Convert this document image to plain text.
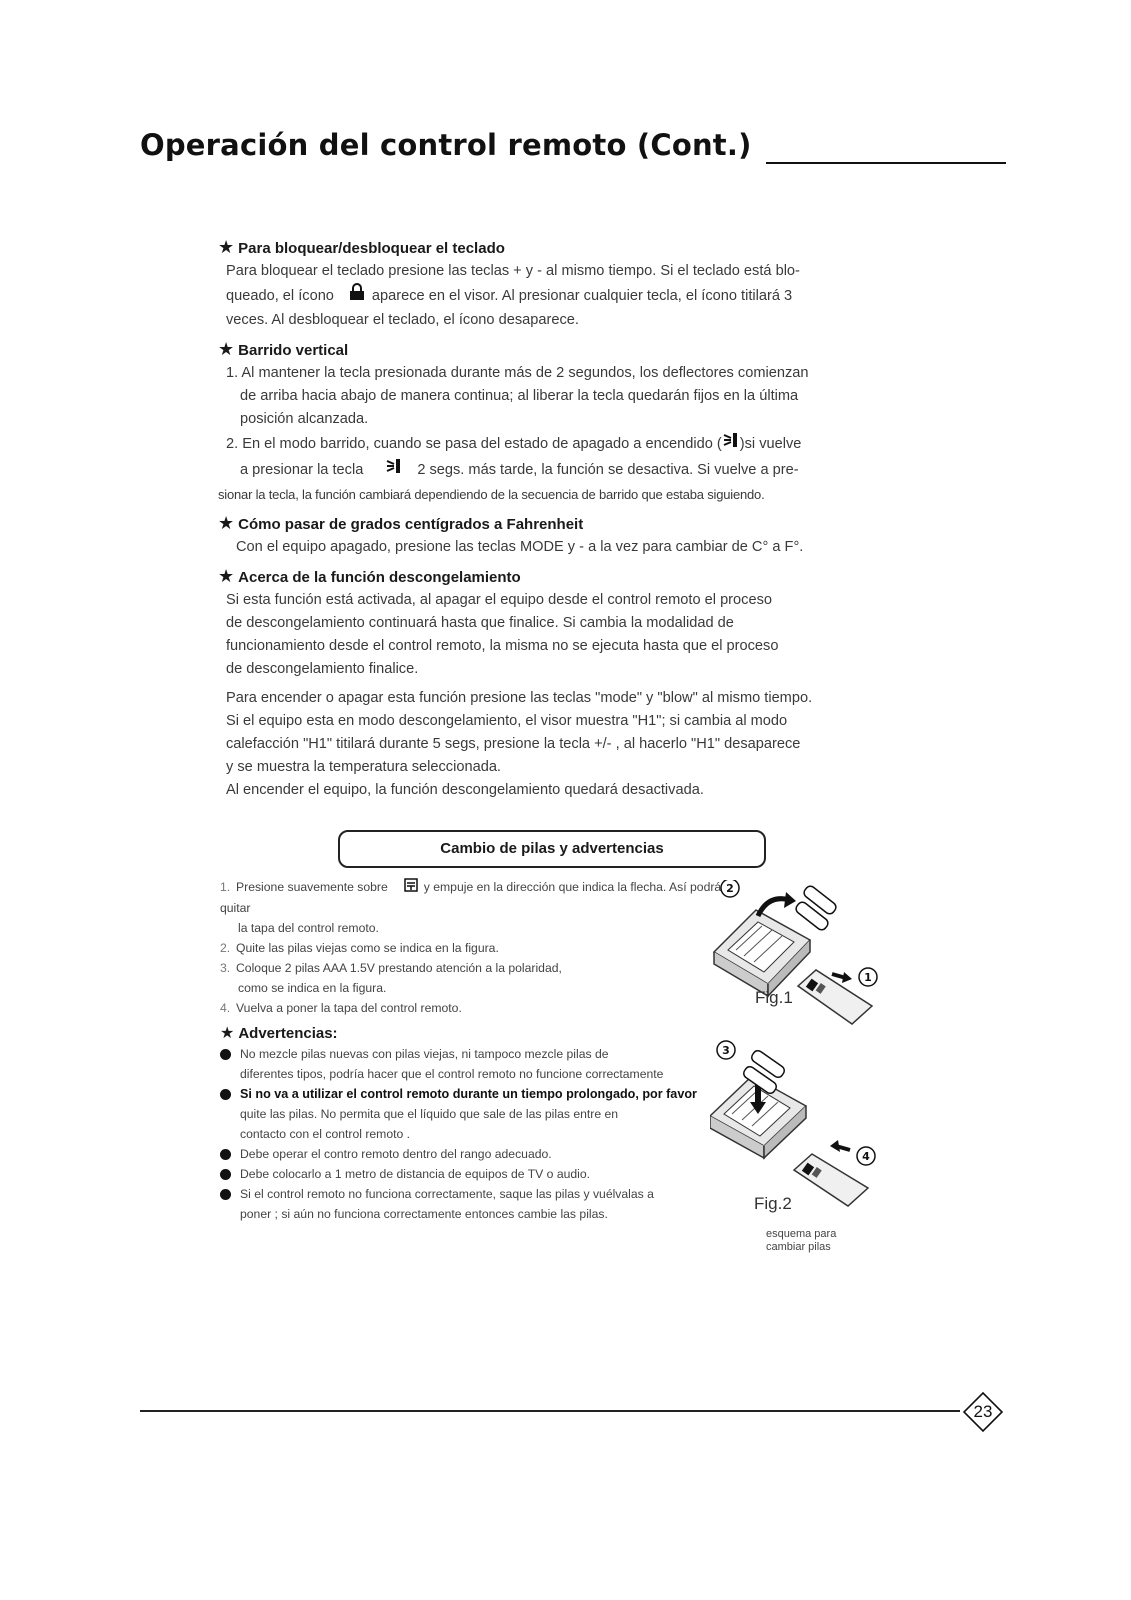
Operación del control remoto (Cont.)

★ Para bloquear/desbloquear el teclado

Para bloquear el teclado presione las teclas + y - al mismo tiempo. Si el teclado está blo-

queado, el ícono	aparece en el visor. Al presionar cualquier tecla, el ícono titilará 3

veces. Al desbloquear el teclado, el ícono desaparece.

★ Barrido vertical

1. Al mantener la tecla presionada durante más de 2 segundos, los deflectores comienzan

de arriba hacia abajo de manera continua; al liberar la tecla quedarán fijos en la última

posición alcanzada.

2. En el modo barrido, cuando se pasa del estado de apagado a encendido ( )si vuelve

a presionar la tecla	2 segs. más tarde, la función se desactiva. Si vuelve a pre-

sionar la tecla, la función cambiará dependiendo de la secuencia de barrido que estaba siguiendo.

★ Cómo pasar de grados centígrados a Fahrenheit

Con el equipo apagado, presione las teclas MODE y - a la vez para cambiar de C° a F°.

★ Acerca de la función descongelamiento

Si esta función está activada, al apagar el equipo desde el control remoto el proceso

de descongelamiento continuará hasta que finalice. Si cambia la modalidad de

funcionamiento desde el control remoto, la misma no se ejecuta hasta que el proceso

de descongelamiento finalice.

Para encender o apagar esta función presione las teclas "mode" y "blow" al mismo tiempo.

Si el equipo esta en modo descongelamiento, el visor muestra "H1"; si cambia al modo

calefacción "H1" titilará durante 5 segs, presione la tecla +/- , al hacerlo "H1" desaparece

y se muestra la temperatura seleccionada.

Al encender el equipo, la función descongelamiento quedará desactivada.

Cambio de pilas y advertencias
1. Presione suavemente sobre	y empuje en la dirección que indica la flecha. Así podrá quitar
la tapa del control remoto.
2. Quite las pilas viejas como se indica en la figura.
3. Coloque 2 pilas AAA 1.5V prestando atención a la polaridad,
como se indica en la figura.
4. Vuelva a poner la tapa del control remoto.
★ Advertencias:
No mezcle pilas nuevas con pilas viejas, ni tampoco mezcle pilas de
diferentes tipos, podría hacer que el control remoto no funcione correctamente
Si no va a utilizar el control remoto durante un tiempo prolongado, por favor
quite las pilas. No permita que el líquido que sale de las pilas entre en
contacto con el control remoto .
Debe operar el contro remoto dentro del rango adecuado.
Debe colocarlo a 1 metro de distancia de equipos de TV o audio.
Si el control remoto no funciona correctamente, saque las pilas y vuélvalas a
poner ; si aún no funciona correctamente entonces cambie las pilas.
2
1
3
4
Fig.1
Fig.2
esquema para
cambiar pilas
23
